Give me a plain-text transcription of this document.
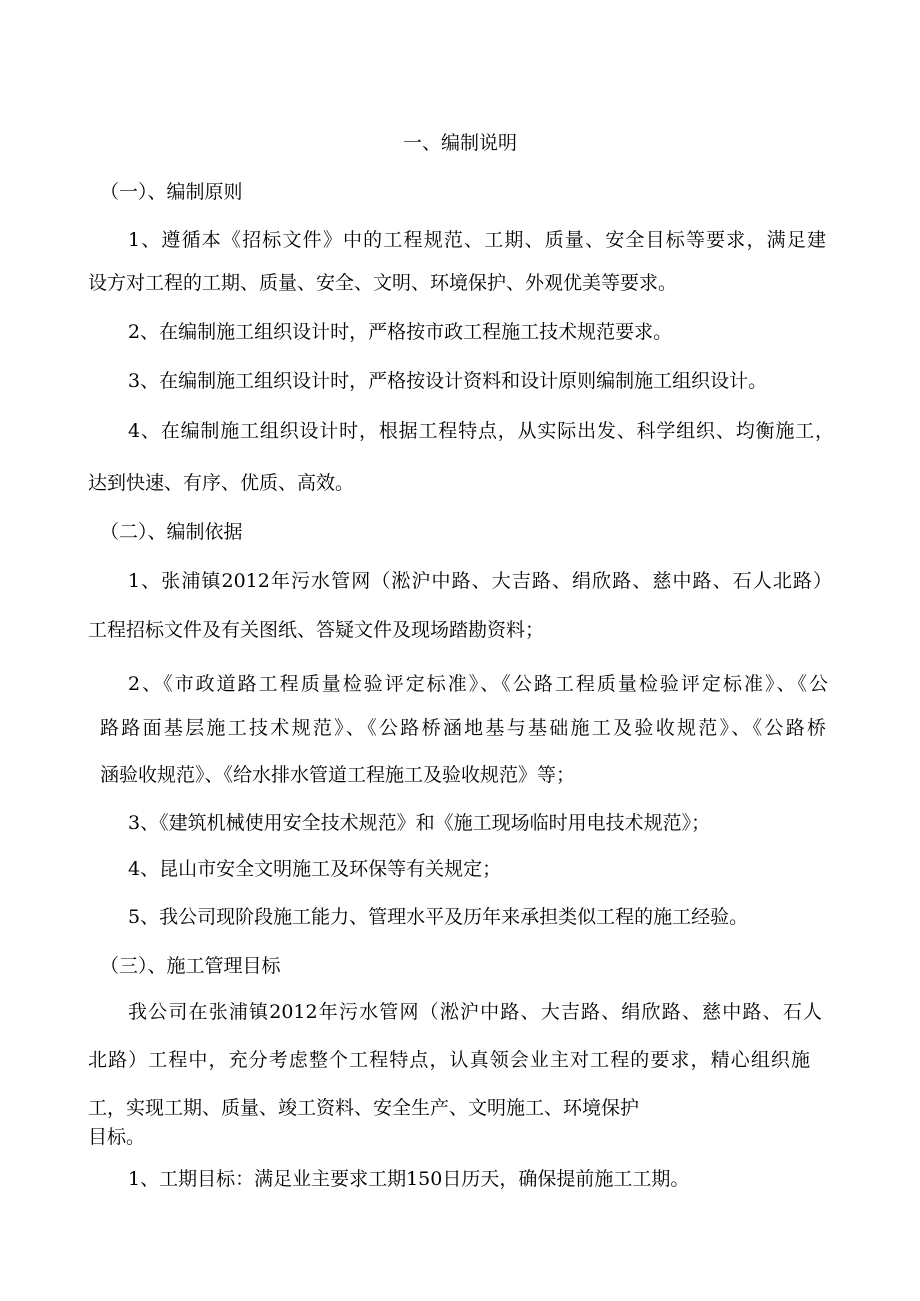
一、编制说明
（一）、编制原则
1、遵循本《招标文件》中的工程规范、工期、质量、安全目标等要求，满足建
设方对工程的工期、质量、安全、文明、环境保护、外观优美等要求。
2、在编制施工组织设计时，严格按市政工程施工技术规范要求。
3、在编制施工组织设计时，严格按设计资料和设计原则编制施工组织设计。
4、在编制施工组织设计时，根据工程特点，从实际出发、科学组织、均衡施工，
达到快速、有序、优质、高效。
（二）、编制依据
1、张浦镇2012年污水管网（淞沪中路、大吉路、绢欣路、慈中路、石人北路）
工程招标文件及有关图纸、答疑文件及现场踏勘资料；
2、《市政道路工程质量检验评定标准》、《公路工程质量检验评定标准》、《公
路路面基层施工技术规范》、《公路桥涵地基与基础施工及验收规范》、《公路桥
涵验收规范》、《给水排水管道工程施工及验收规范》等；
3、《建筑机械使用安全技术规范》和《施工现场临时用电技术规范》；
4、昆山市安全文明施工及环保等有关规定；
5、我公司现阶段施工能力、管理水平及历年来承担类似工程的施工经验。
（三）、施工管理目标
我公司在张浦镇2012年污水管网（淞沪中路、大吉路、绢欣路、慈中路、石人
北路）工程中，充分考虑整个工程特点，认真领会业主对工程的要求，精心组织施
工，实现工期、质量、竣工资料、安全生产、文明施工、环境保护
目标。
1、工期目标：满足业主要求工期150日历天，确保提前施工工期。
